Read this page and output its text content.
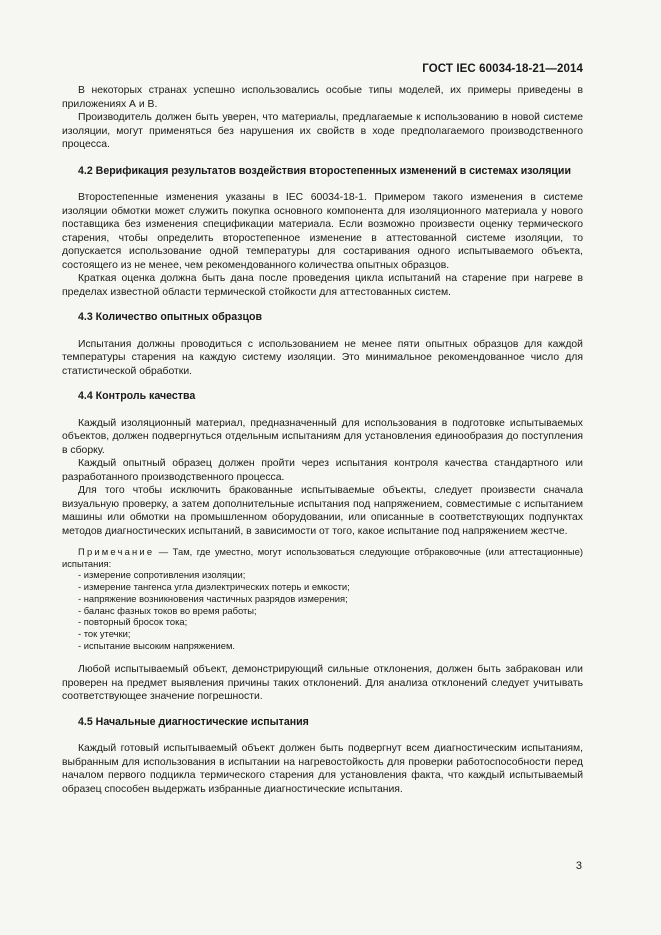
ГОСТ IEC 60034-18-21—2014

В некоторых странах успешно использовались особые типы моделей, их примеры приведены в приложениях А и В.

Производитель должен быть уверен, что материалы, предлагаемые к использованию в новой системе изоляции, могут применяться без нарушения их свойств в ходе предполагаемого производственного процесса.

4.2 Верификация результатов воздействия второстепенных изменений в системах изоляции

Второстепенные изменения указаны в IEC 60034-18-1. Примером такого изменения в системе изоляции обмотки может служить покупка основного компонента для изоляционного материала у нового поставщика без изменения спецификации материала. Если возможно произвести оценку термического старения, чтобы определить второстепенное изменение в аттестованной системе изоляции, то допускается использование одной температуры для состаривания одного испытываемого объекта, состоящего из не менее, чем рекомендованного количества опытных образцов.

Краткая оценка должна быть дана после проведения цикла испытаний на старение при нагреве в пределах известной области термической стойкости для аттестованных систем.

4.3 Количество опытных образцов

Испытания должны проводиться с использованием не менее пяти опытных образцов для каждой температуры старения на каждую систему изоляции. Это минимальное рекомендованное число для статистической обработки.

4.4 Контроль качества

Каждый изоляционный материал, предназначенный для использования в подготовке испытываемых объектов, должен подвергнуться отдельным испытаниям для установления единообразия до поступления в сборку.

Каждый опытный образец должен пройти через испытания контроля качества стандартного или разработанного производственного процесса.

Для того чтобы исключить бракованные испытываемые объекты, следует произвести сначала визуальную проверку, а затем дополнительные испытания под напряжением, совместимые с испытанием машины или обмотки на промышленном оборудовании, или описанные в соответствующих подпунктах методов диагностических испытаний, в зависимости от того, какое испытание под напряжением жестче.

Примечание — Там, где уместно, могут использоваться следующие отбраковочные (или аттестационные) испытания:

- измерение сопротивления изоляции;
- измерение тангенса угла диэлектрических потерь и емкости;
- напряжение возникновения частичных разрядов измерения;
- баланс фазных токов во время работы;
- повторный бросок тока;
- ток утечки;
- испытание высоким напряжением.

Любой испытываемый объект, демонстрирующий сильные отклонения, должен быть забракован или проверен на предмет выявления причины таких отклонений. Для анализа отклонений следует учитывать соответствующее значение погрешности.

4.5 Начальные диагностические испытания

Каждый готовый испытываемый объект должен быть подвергнут всем диагностическим испытаниям, выбранным для использования в испытании на нагревостойкость для проверки работоспособности перед началом первого подцикла термического старения для установления факта, что каждый испытываемый образец способен выдержать избранные диагностические испытания.

3
